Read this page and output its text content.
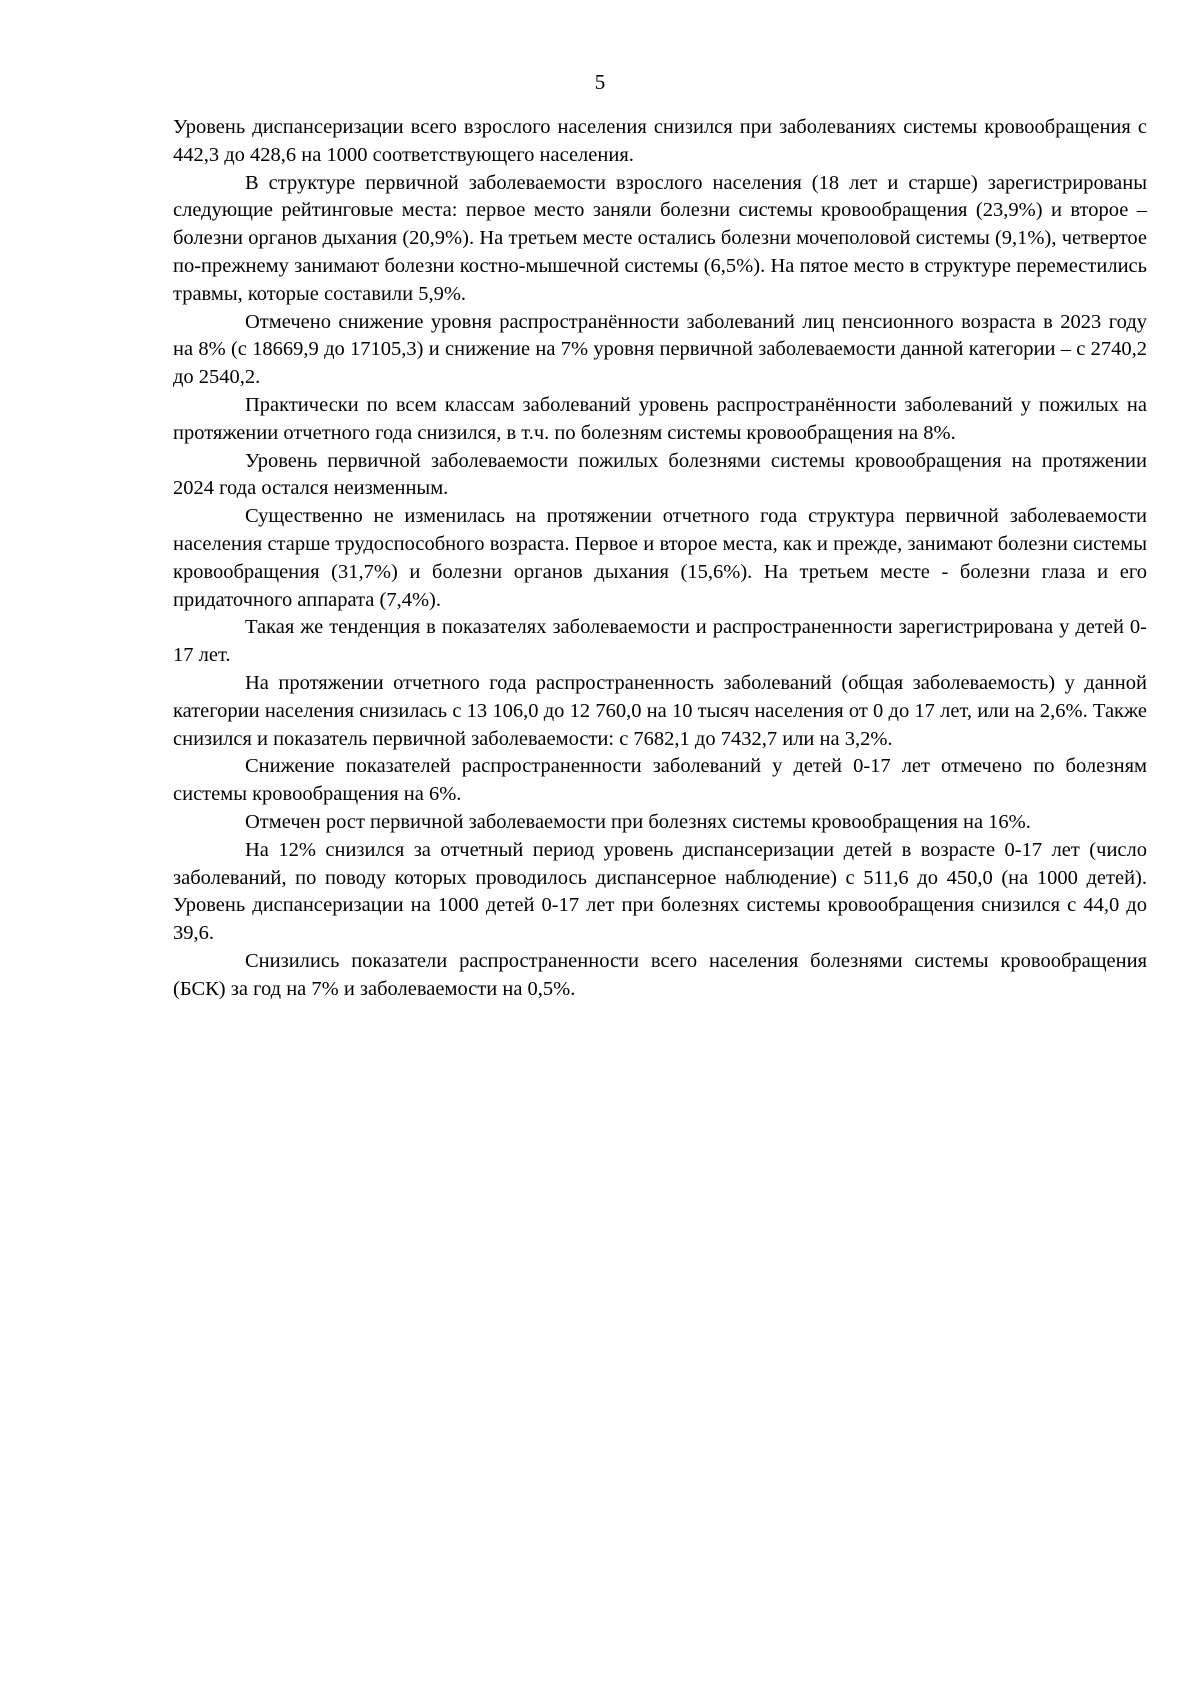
5

Уровень диспансеризации всего взрослого населения снизился при заболеваниях системы кровообращения с 442,3 до 428,6 на 1000 соответствующего населения.

В структуре первичной заболеваемости взрослого населения (18 лет и старше) зарегистрированы следующие рейтинговые места: первое место заняли болезни системы кровообращения (23,9%) и второе – болезни органов дыхания (20,9%). На третьем месте остались болезни мочеполовой системы (9,1%), четвертое по-прежнему занимают болезни костно-мышечной системы (6,5%). На пятое место в структуре переместились травмы, которые составили 5,9%.

Отмечено снижение уровня распространённости заболеваний лиц пенсионного возраста в 2023 году на 8% (с 18669,9 до 17105,3) и снижение на 7% уровня первичной заболеваемости данной категории – с 2740,2 до 2540,2.

Практически по всем классам заболеваний уровень распространённости заболеваний у пожилых на протяжении отчетного года снизился, в т.ч. по болезням системы кровообращения на 8%.

Уровень первичной заболеваемости пожилых болезнями системы кровообращения на протяжении 2024 года остался неизменным.

Существенно не изменилась на протяжении отчетного года структура первичной заболеваемости населения старше трудоспособного возраста. Первое и второе места, как и прежде, занимают болезни системы кровообращения (31,7%) и болезни органов дыхания (15,6%). На третьем месте - болезни глаза и его придаточного аппарата (7,4%).

Такая же тенденция в показателях заболеваемости и распространенности зарегистрирована у детей 0-17 лет.

На протяжении отчетного года распространенность заболеваний (общая заболеваемость) у данной категории населения снизилась с 13 106,0 до 12 760,0 на 10 тысяч населения от 0 до 17 лет, или на 2,6%. Также снизился и показатель первичной заболеваемости: с 7682,1 до 7432,7 или на 3,2%.

Снижение показателей распространенности заболеваний у детей 0-17 лет отмечено по болезням системы кровообращения на 6%.

Отмечен рост первичной заболеваемости при болезнях системы кровообращения на 16%.

На 12% снизился за отчетный период уровень диспансеризации детей в возрасте 0-17 лет (число заболеваний, по поводу которых проводилось диспансерное наблюдение) с 511,6 до 450,0 (на 1000 детей). Уровень диспансеризации на 1000 детей 0-17 лет при болезнях системы кровообращения снизился с 44,0 до 39,6.

Снизились показатели распространенности всего населения болезнями системы кровообращения (БСК) за год на 7% и заболеваемости на 0,5%.
